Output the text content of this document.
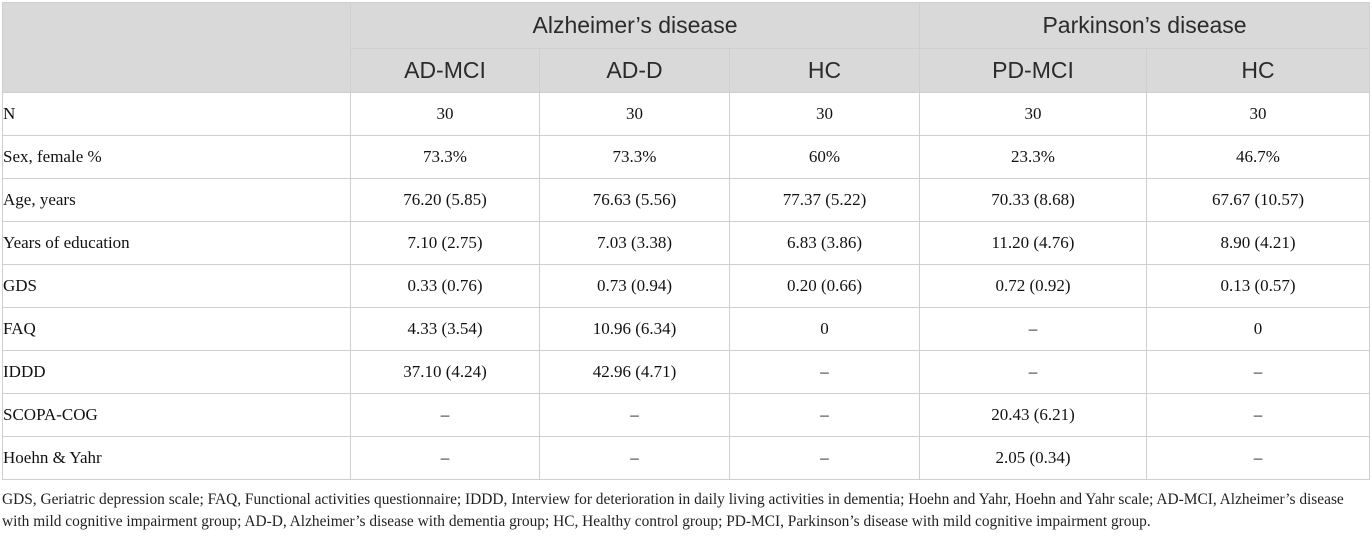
	Alzheimer’s disease			Parkinson’s disease	
	AD-MCI	AD-D	HC	PD-MCI	HC
N	30	30	30	30	30
Sex, female %	73.3%	73.3%	60%	23.3%	46.7%
Age, years	76.20 (5.85)	76.63 (5.56)	77.37 (5.22)	70.33 (8.68)	67.67 (10.57)
Years of education	7.10 (2.75)	7.03 (3.38)	6.83 (3.86)	11.20 (4.76)	8.90 (4.21)
GDS	0.33 (0.76)	0.73 (0.94)	0.20 (0.66)	0.72 (0.92)	0.13 (0.57)
FAQ	4.33 (3.54)	10.96 (6.34)	0	–	0
IDDD	37.10 (4.24)	42.96 (4.71)	–	–	–
SCOPA-COG	–	–	–	20.43 (6.21)	–
Hoehn & Yahr	–	–	–	2.05 (0.34)	–
GDS, Geriatric depression scale; FAQ, Functional activities questionnaire; IDDD, Interview for deterioration in daily living activities in dementia; Hoehn and Yahr, Hoehn and Yahr scale; AD-MCI, Alzheimer’s disease with mild cognitive impairment group; AD-D, Alzheimer’s disease with dementia group; HC, Healthy control group; PD-MCI, Parkinson’s disease with mild cognitive impairment group.
